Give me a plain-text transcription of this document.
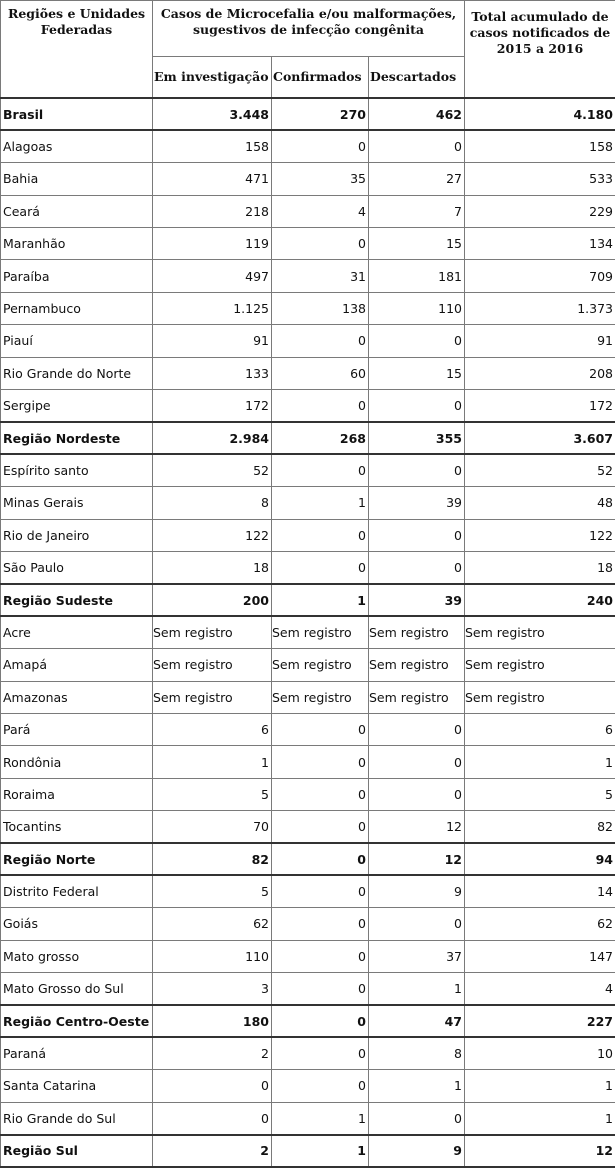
Regiões e Unidades Federadas	Casos de Microcefalia e/ou malformações, sugestivos de infecção congênita			Total acumulado de casos notificados de 2015 a 2016
	Em investigação	Confirmados	Descartados	
Brasil	3.448	270	462	4.180
Alagoas	158	0	0	158
Bahia	471	35	27	533
Ceará	218	4	7	229
Maranhão	119	0	15	134
Paraíba	497	31	181	709
Pernambuco	1.125	138	110	1.373
Piauí	91	0	0	91
Rio Grande do Norte	133	60	15	208
Sergipe	172	0	0	172
Região Nordeste	2.984	268	355	3.607
Espírito santo	52	0	0	52
Minas Gerais	8	1	39	48
Rio de Janeiro	122	0	0	122
São Paulo	18	0	0	18
Região Sudeste	200	1	39	240
Acre	Sem registro	Sem registro	Sem registro	Sem registro
Amapá	Sem registro	Sem registro	Sem registro	Sem registro
Amazonas	Sem registro	Sem registro	Sem registro	Sem registro
Pará	6	0	0	6
Rondônia	1	0	0	1
Roraima	5	0	0	5
Tocantins	70	0	12	82
Região Norte	82	0	12	94
Distrito Federal	5	0	9	14
Goiás	62	0	0	62
Mato grosso	110	0	37	147
Mato Grosso do Sul	3	0	1	4
Região Centro-Oeste	180	0	47	227
Paraná	2	0	8	10
Santa Catarina	0	0	1	1
Rio Grande do Sul	0	1	0	1
Região Sul	2	1	9	12
